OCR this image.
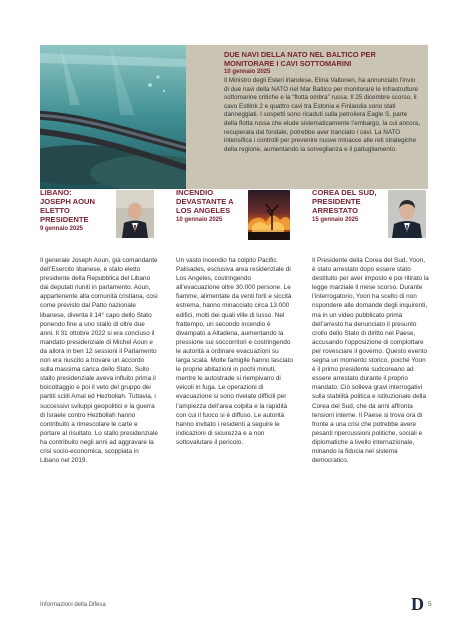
DUE NAVI DELLA NATO NEL BALTICO PER MONITORARE I CAVI SOTTOMARINI
10 gennaio 2025
Il Ministro degli Esteri irlandese, Elina Valtonen, ha annunciato l’invio di due navi della NATO nel Mar Baltico per monitorare le infrastrutture sottomarine critiche e la “flotta ombra” russa. Il 25 dicembre scorso, il cavo Estlink 2 e quattro cavi tra Estonia e Finlandia sono stati danneggiati. I sospetti sono ricaduti sulla petroliera Eagle S, parte della flotta russa che elude sistematicamente l’embargo, la cui ancora, recuperata dal fondale, potrebbe aver tranciato i cavi. La NATO intensifica i controlli per prevenire nuove minacce alle reti strategiche della regione, aumentando la sorveglianza e il pattugliamento.
LIBANO: JOSEPH AOUN ELETTO PRESIDENTE
9 gennaio 2025
Il generale Joseph Aoun, già comandante dell’Esercito libanese, è stato eletto presidente della Repubblica del Libano dai deputati riuniti in parlamento. Aoun, appartenente alla comunità cristiana, così come previsto dal Patto nazionale libanese, diventa il 14° capo dello Stato ponendo fine a uno stallo di oltre due anni. Il 31 ottobre 2022 si era concluso il mandato presidenziale di Michel Aoun e da allora in ben 12 sessioni il Parlamento non era riuscito a trovare un accordo sulla massima carica dello Stato. Sullo stallo presidenziale aveva influito prima il boicottaggio e poi il veto del gruppo dei partiti sciiti Amal ed Hezbollah. Tuttavia, i successivi sviluppi geopolitici e la guerra di Israele contro Hezbollah hanno contribuito a rimescolare le carte e portare al risultato. Lo stallo presidenziale ha contribuito negli anni ad aggravare la crisi socio-economica, scoppiata in Libano nel 2019.
INCENDIO DEVASTANTE A LOS ANGELES
10 gennaio 2025
Un vasto incendio ha colpito Pacific Palisades, esclusiva area residenziale di Los Angeles, costringendo all’evacuazione oltre 30.000 persone. Le fiamme, alimentate da venti forti e siccità estrema, hanno minacciato circa 13.000 edifici, molti dei quali ville di lusso. Nel frattempo, un secondo incendio è divampato a Altadena, aumentando la pressione sui soccorritori e costringendo le autorità a ordinare evacuazioni su larga scala. Molte famiglie hanno lasciato le proprie abitazioni in pochi minuti, mentre le autostrade si riempivano di veicoli in fuga. Le operazioni di evacuazione si sono rivelate difficili per l’ampiezza dell’area colpita e la rapidità con cui il fuoco si è diffuso. Le autorità hanno invitato i residenti a seguire le indicazioni di sicurezza e a non sottovalutare il pericolo.
COREA DEL SUD, PRESIDENTE ARRESTATO
15 gennaio 2025
Il Presidente della Corea del Sud, Yoon, è stato arrestato dopo essere stato destituito per aver imposto e poi ritirato la legge marziale il mese scorso. Durante l’interrogatorio, Yoon ha scelto di non rispondere alle domande degli inquirenti, ma in un video pubblicato prima dell’arresto ha denunciato il presunto crollo dello Stato di diritto nel Paese, accusando l’opposizione di complottare per rovesciare il governo. Questo evento segna un momento storico, poiché Yoon è il primo presidente sudcoreano ad essere arrestato durante il proprio mandato. Ciò solleva gravi interrogativi sulla stabilità politica e istituzionale della Corea del Sud, che da anni affronta tensioni interne. Il Paese si trova ora di fronte a una crisi che potrebbe avere pesanti ripercussioni politiche, sociali e diplomatiche a livello internazionale, minando la fiducia nel sistema democratico.
Informazioni della Difesa	D 5
